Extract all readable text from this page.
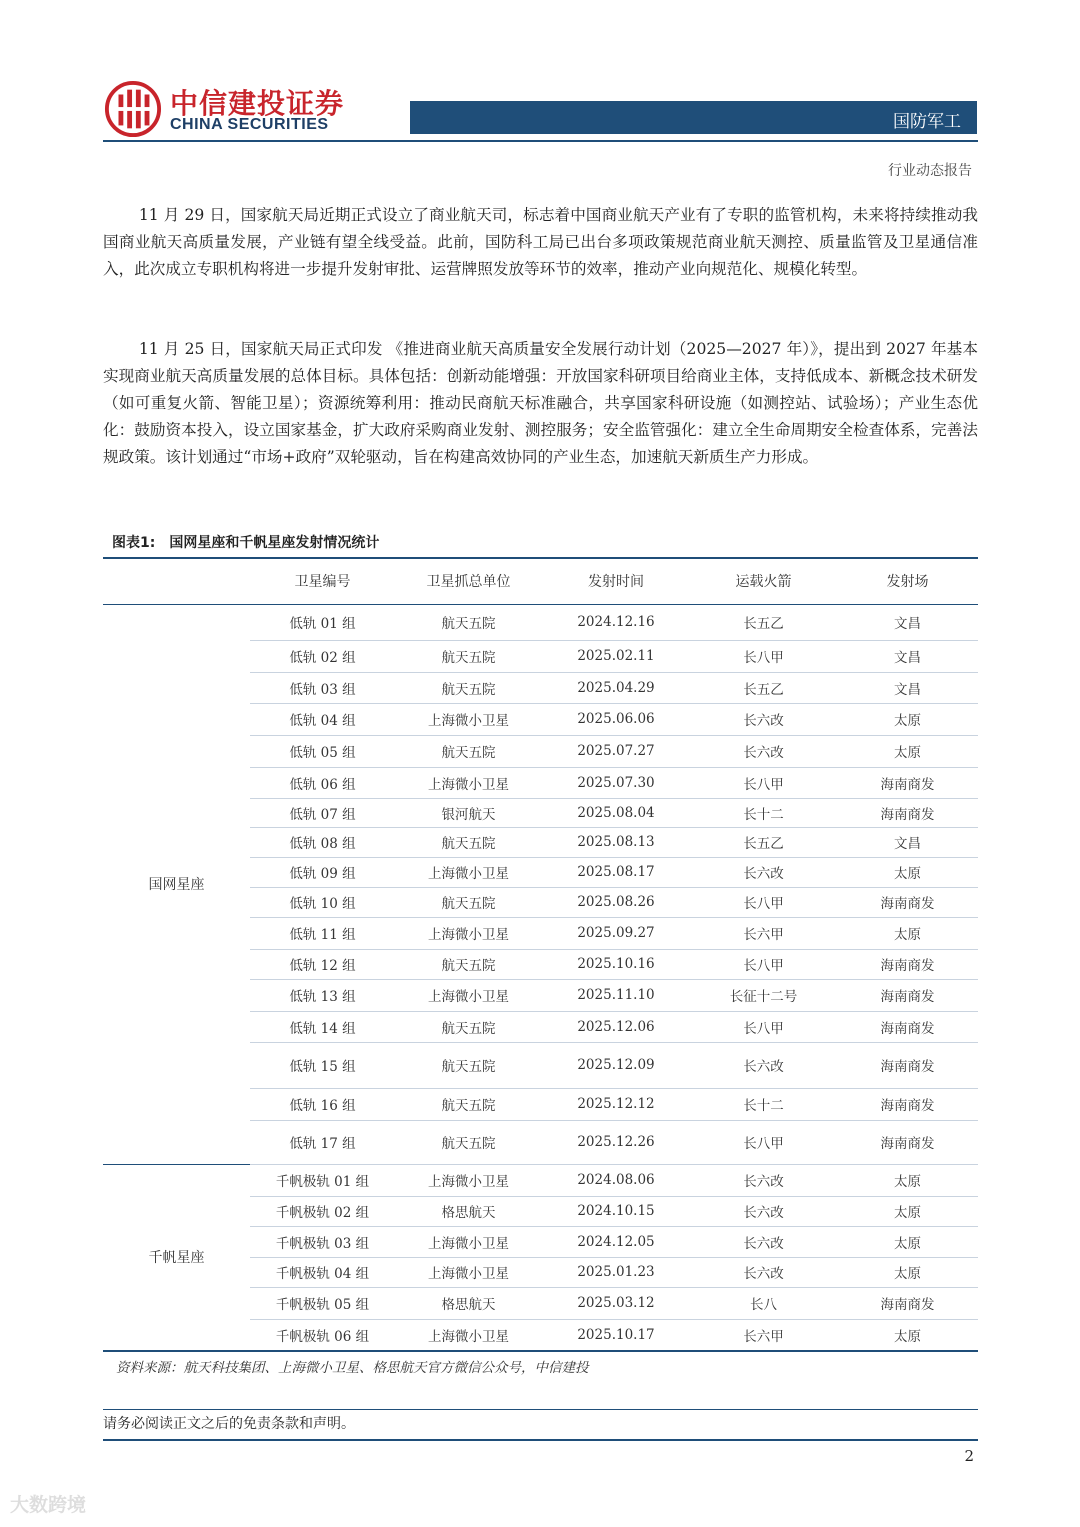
中信建投证券
CHINA SECURITIES	国防军工
行业动态报告
11 月 29 日，国家航天局近期正式设立了商业航天司，标志着中国商业航天产业有了专职的监管机构，未来将持续推动我国商业航天高质量发展，产业链有望全线受益。此前，国防科工局已出台多项政策规范商业航天测控、质量监管及卫星通信准入，此次成立专职机构将进一步提升发射审批、运营牌照发放等环节的效率，推动产业向规范化、规模化转型。
11 月 25 日，国家航天局正式印发 《推进商业航天高质量安全发展行动计划（2025—2027 年）》，提出到 2027 年基本实现商业航天高质量发展的总体目标。具体包括：创新动能增强：开放国家科研项目给商业主体，支持低成本、新概念技术研发（如可重复火箭、智能卫星）；资源统筹利用：推动民商航天标准融合，共享国家科研设施（如测控站、试验场）；产业生态优化：鼓励资本投入，设立国家基金，扩大政府采购商业发射、测控服务；安全监管强化：建立全生命周期安全检查体系，完善法规政策。该计划通过“市场+政府”双轮驱动，旨在构建高效协同的产业生态，加速航天新质生产力形成。
图表1: 国网星座和千帆星座发射情况统计
	卫星编号	卫星抓总单位	发射时间	运载火箭	发射场
国网星座	低轨 01 组	航天五院	2024.12.16	长五乙	文昌
	低轨 02 组	航天五院	2025.02.11	长八甲	文昌
	低轨 03 组	航天五院	2025.04.29	长五乙	文昌
	低轨 04 组	上海微小卫星	2025.06.06	长六改	太原
	低轨 05 组	航天五院	2025.07.27	长六改	太原
	低轨 06 组	上海微小卫星	2025.07.30	长八甲	海南商发
	低轨 07 组	银河航天	2025.08.04	长十二	海南商发
	低轨 08 组	航天五院	2025.08.13	长五乙	文昌
	低轨 09 组	上海微小卫星	2025.08.17	长六改	太原
	低轨 10 组	航天五院	2025.08.26	长八甲	海南商发
	低轨 11 组	上海微小卫星	2025.09.27	长六甲	太原
	低轨 12 组	航天五院	2025.10.16	长八甲	海南商发
	低轨 13 组	上海微小卫星	2025.11.10	长征十二号	海南商发
	低轨 14 组	航天五院	2025.12.06	长八甲	海南商发
	低轨 15 组	航天五院	2025.12.09	长六改	海南商发
	低轨 16 组	航天五院	2025.12.12	长十二	海南商发
	低轨 17 组	航天五院	2025.12.26	长八甲	海南商发
千帆星座	千帆极轨 01 组	上海微小卫星	2024.08.06	长六改	太原
	千帆极轨 02 组	格思航天	2024.10.15	长六改	太原
	千帆极轨 03 组	上海微小卫星	2024.12.05	长六改	太原
	千帆极轨 04 组	上海微小卫星	2025.01.23	长六改	太原
	千帆极轨 05 组	格思航天	2025.03.12	长八	海南商发
	千帆极轨 06 组	上海微小卫星	2025.10.17	长六甲	太原
资料来源：航天科技集团、上海微小卫星、格思航天官方微信公众号，中信建投
请务必阅读正文之后的免责条款和声明。
2
大数跨境
